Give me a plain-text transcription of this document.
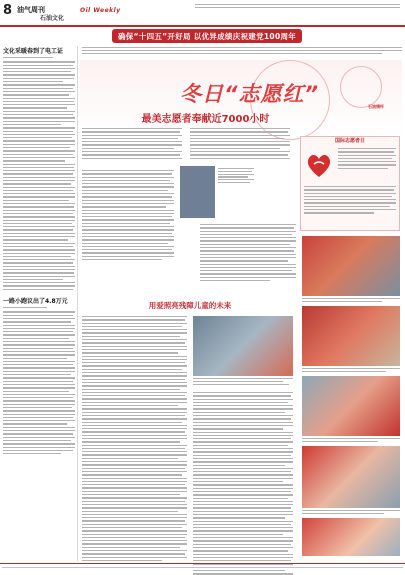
8 油气周刊
石油文化
Oil Weekly
确保“十四五”开好局 以优异成绩庆祝建党100周年
文化采暖春到了电工证
一路小跑议出了4.8万元
冬日“志愿红”
石油情怀
最美志愿者奉献近7000小时
国际志愿者日
用爱照亮残障儿童的未来
